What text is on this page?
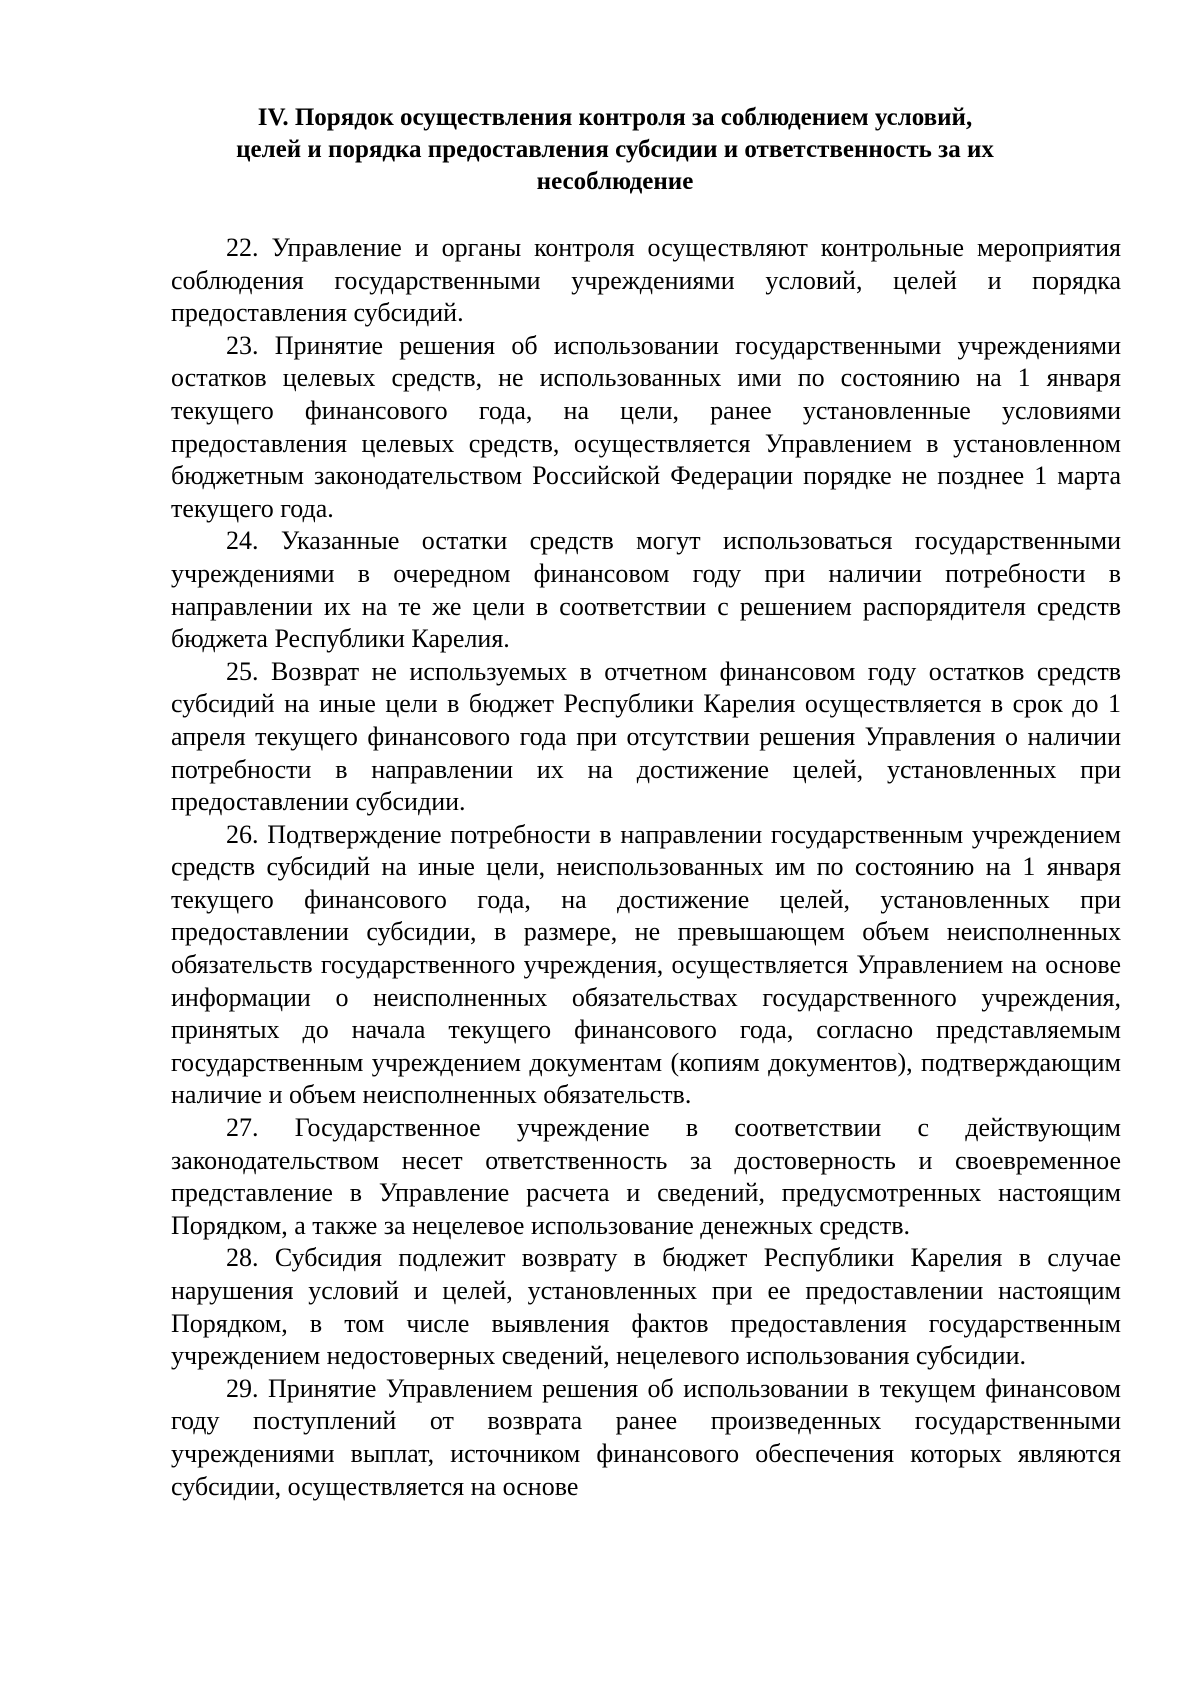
IV. Порядок осуществления контроля за соблюдением условий,
целей и порядка предоставления субсидии и ответственность за их
несоблюдение

22. Управление и органы контроля осуществляют контрольные мероприятия соблюдения государственными учреждениями условий, целей и порядка предоставления субсидий.

23. Принятие решения об использовании государственными учреждениями остатков целевых средств, не использованных ими по состоянию на 1 января текущего финансового года, на цели, ранее установленные условиями предоставления целевых средств, осуществляется Управлением в установленном бюджетным законодательством Российской Федерации порядке не позднее 1 марта текущего года.

24. Указанные остатки средств могут использоваться государственными учреждениями в очередном финансовом году при наличии потребности в направлении их на те же цели в соответствии с решением распорядителя средств бюджета Республики Карелия.

25. Возврат не используемых в отчетном финансовом году остатков средств субсидий на иные цели в бюджет Республики Карелия осуществляется в срок до 1 апреля текущего финансового года при отсутствии решения Управления о наличии потребности в направлении их на достижение целей, установленных при предоставлении субсидии.

26. Подтверждение потребности в направлении государственным учреждением средств субсидий на иные цели, неиспользованных им по состоянию на 1 января текущего финансового года, на достижение целей, установленных при предоставлении субсидии, в размере, не превышающем объем неисполненных обязательств государственного учреждения, осуществляется Управлением на основе информации о неисполненных обязательствах государственного учреждения, принятых до начала текущего финансового года, согласно представляемым государственным учреждением документам (копиям документов), подтверждающим наличие и объем неисполненных обязательств.

27. Государственное учреждение в соответствии с действующим законодательством несет ответственность за достоверность и своевременное представление в Управление расчета и сведений, предусмотренных настоящим Порядком, а также за нецелевое использование денежных средств.

28. Субсидия подлежит возврату в бюджет Республики Карелия в случае нарушения условий и целей, установленных при ее предоставлении настоящим Порядком, в том числе выявления фактов предоставления государственным учреждением недостоверных сведений, нецелевого использования субсидии.

29. Принятие Управлением решения об использовании в текущем финансовом году поступлений от возврата ранее произведенных государственными учреждениями выплат, источником финансового обеспечения которых являются субсидии, осуществляется на основе
